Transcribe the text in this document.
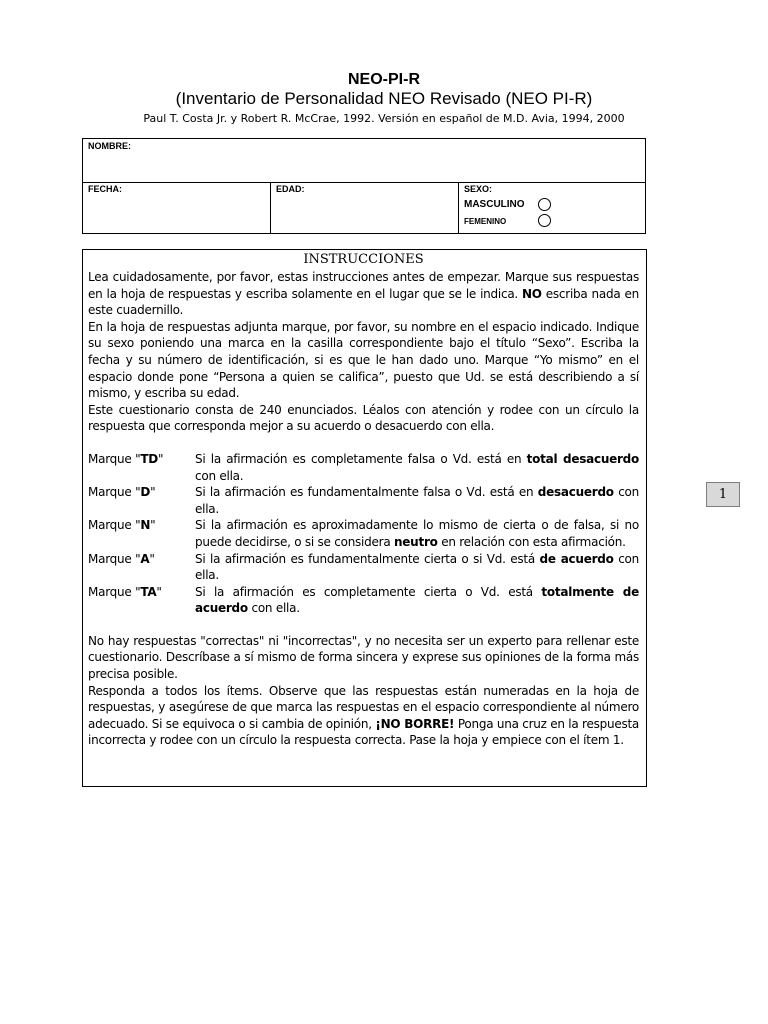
NEO-PI-R
(Inventario de Personalidad NEO Revisado (NEO PI-R)
Paul T. Costa Jr. y Robert R. McCrae, 1992. Versión en español de M.D. Avia, 1994, 2000
NOMBRE:
FECHA:	EDAD:	SEXO:
MASCULINO
FEMENINO
INSTRUCCIONES

Lea cuidadosamente, por favor, estas instrucciones antes de empezar. Marque sus respuestas en la hoja de respuestas y escriba solamente en el lugar que se le indica. NO escriba nada en este cuadernillo.

En la hoja de respuestas adjunta marque, por favor, su nombre en el espacio indicado. Indique su sexo poniendo una marca en la casilla correspondiente bajo el título “Sexo”. Escriba la fecha y su número de identificación, si es que le han dado uno. Marque “Yo mismo” en el espacio donde pone “Persona a quien se califica”, puesto que Ud. se está describiendo a sí mismo, y escriba su edad.

Este cuestionario consta de 240 enunciados. Léalos con atención y rodee con un círculo la respuesta que corresponda mejor a su acuerdo o desacuerdo con ella.

Marque "TD"	Si la afirmación es completamente falsa o Vd. está en total desacuerdo con ella.
Marque "D"	Si la afirmación es fundamentalmente falsa o Vd. está en desacuerdo con ella.
Marque "N"	Si la afirmación es aproximadamente lo mismo de cierta o de falsa, si no puede decidirse, o si se considera neutro en relación con esta afirmación.
Marque "A"	Si la afirmación es fundamentalmente cierta o si Vd. está de acuerdo con ella.
Marque "TA"	Si la afirmación es completamente cierta o Vd. está totalmente de acuerdo con ella.

No hay respuestas "correctas" ni "incorrectas", y no necesita ser un experto para rellenar este cuestionario. Descríbase a sí mismo de forma sincera y exprese sus opiniones de la forma más precisa posible.

Responda a todos los ítems. Observe que las respuestas están numeradas en la hoja de respuestas, y asegúrese de que marca las respuestas en el espacio correspondiente al número adecuado. Si se equivoca o si cambia de opinión, ¡NO BORRE! Ponga una cruz en la respuesta incorrecta y rodee con un círculo la respuesta correcta. Pase la hoja y empiece con el ítem 1.

1
